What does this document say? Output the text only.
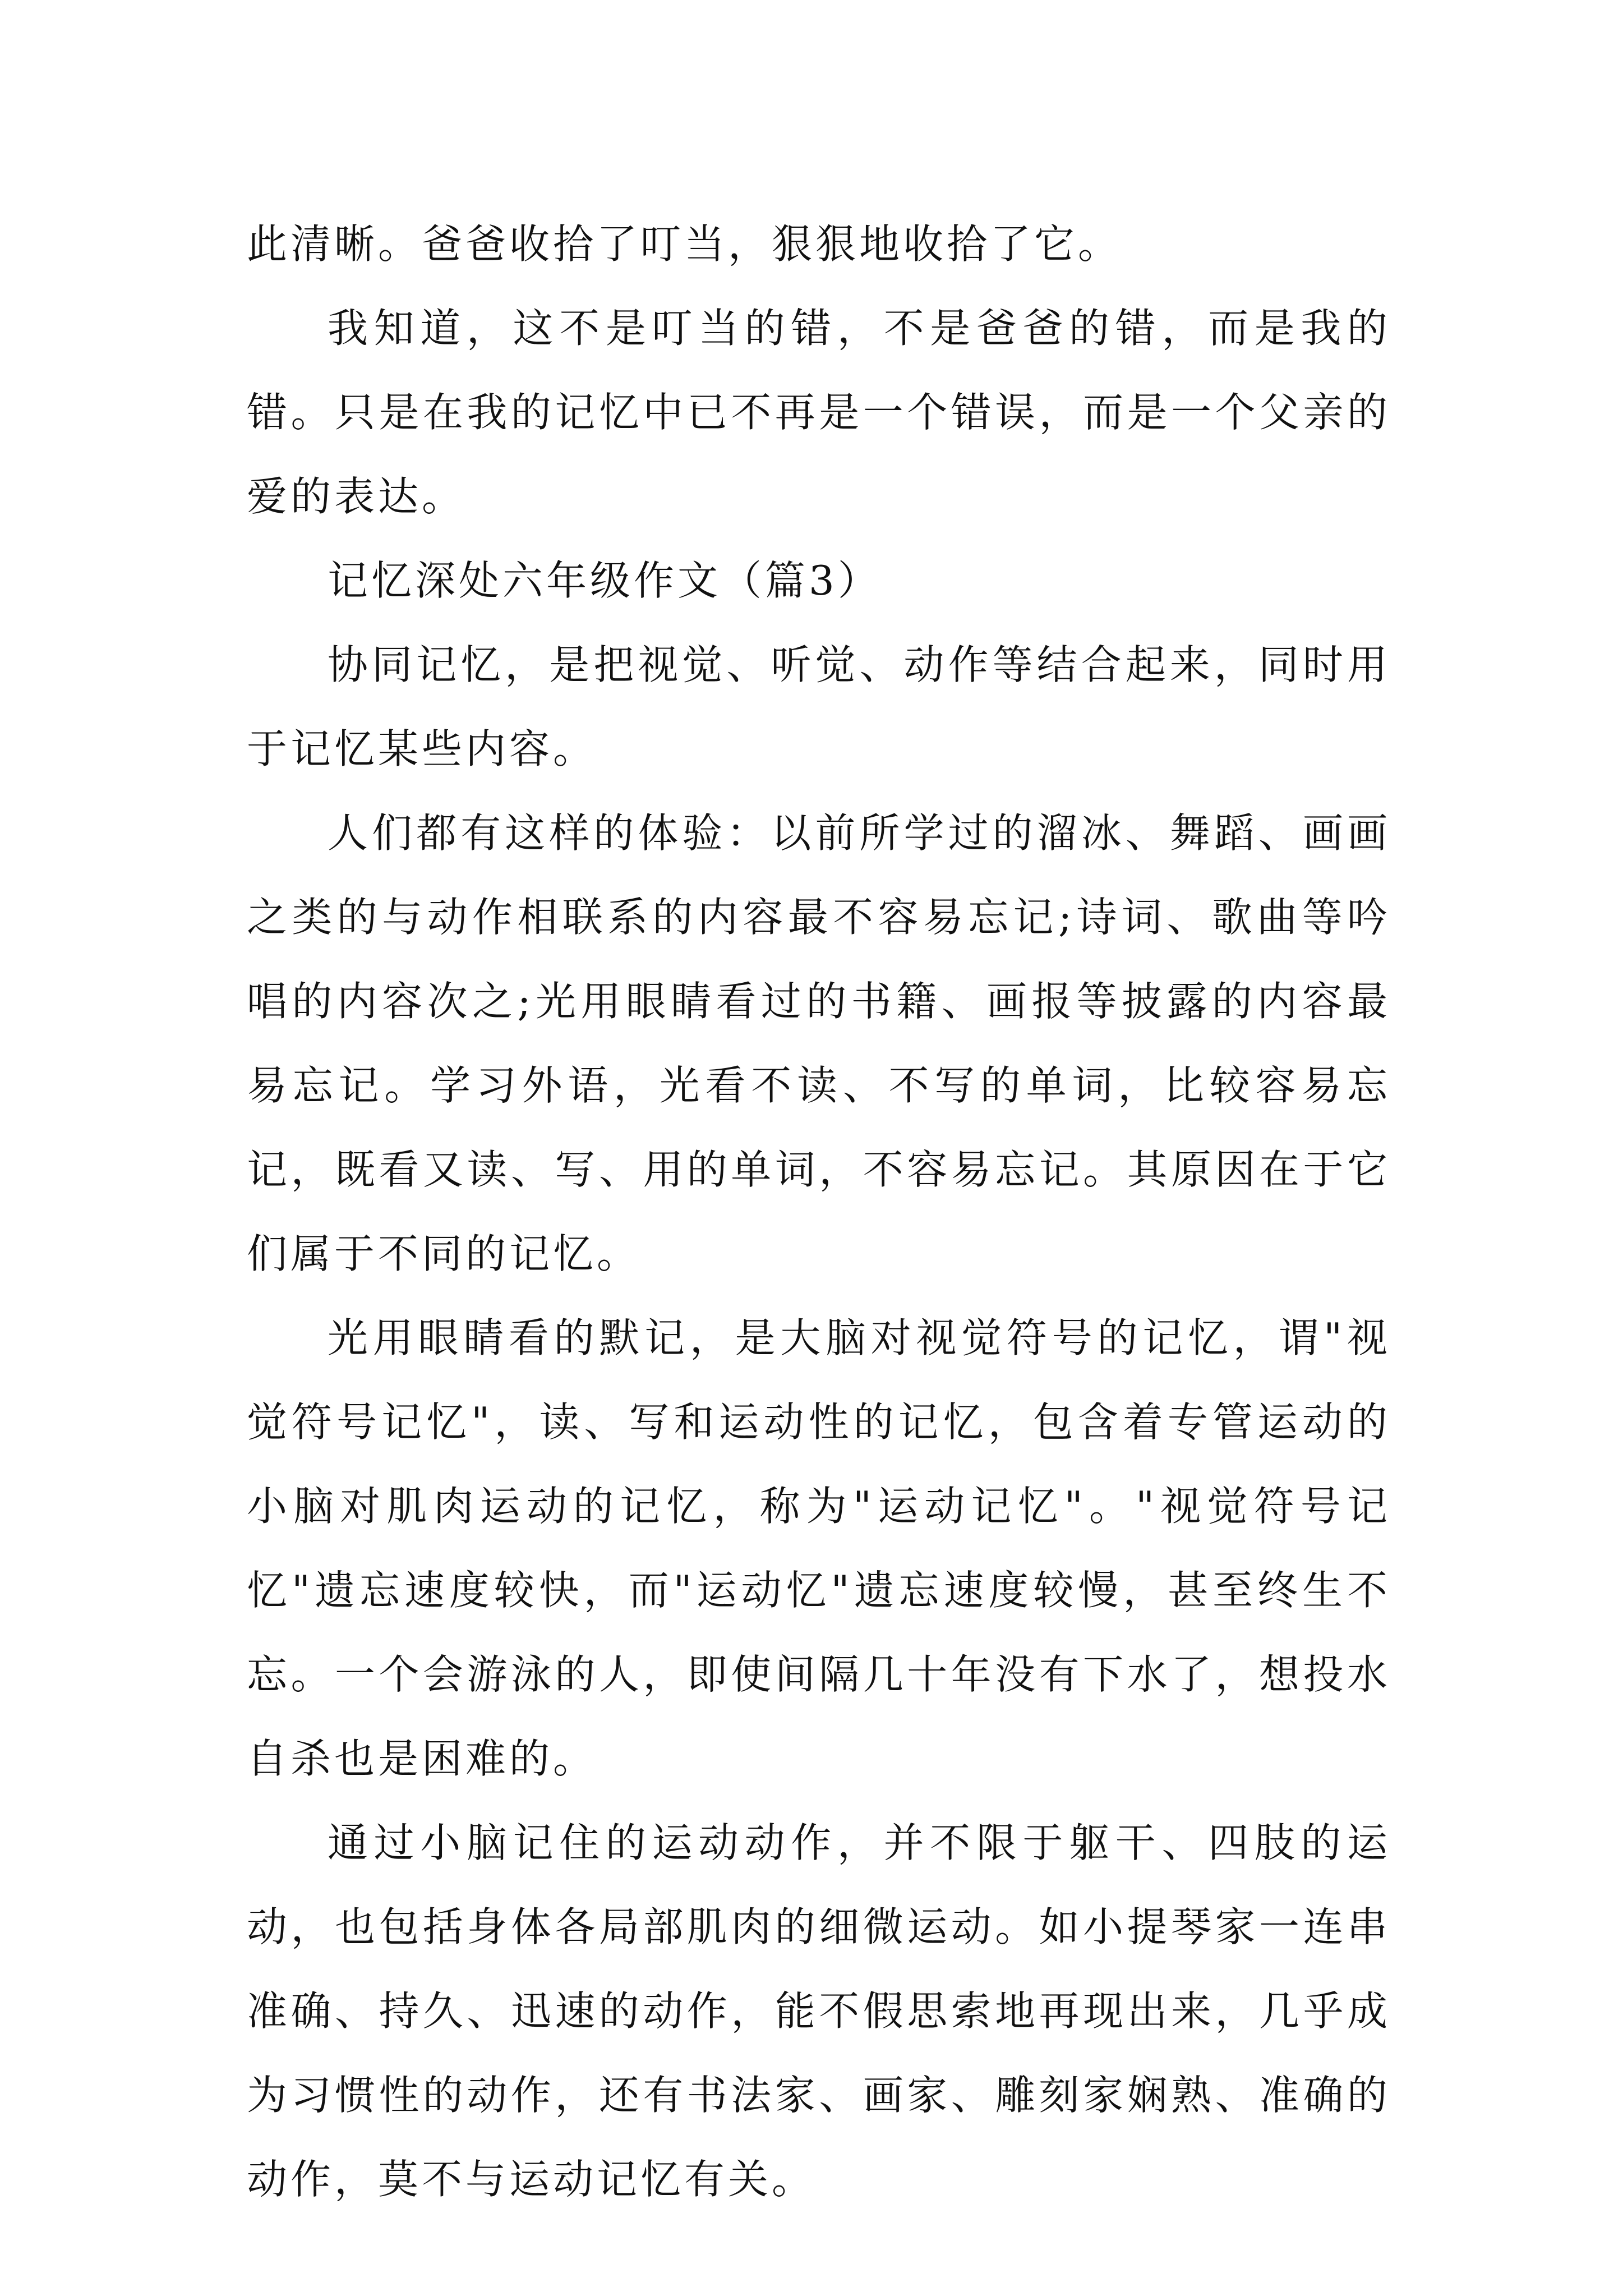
此清晰。爸爸收拾了叮当，狠狠地收拾了它。

我知道，这不是叮当的错，不是爸爸的错，而是我的错。只是在我的记忆中已不再是一个错误，而是一个父亲的爱的表达。

记忆深处六年级作文（篇3）

协同记忆，是把视觉、听觉、动作等结合起来，同时用于记忆某些内容。

人们都有这样的体验：以前所学过的溜冰、舞蹈、画画之类的与动作相联系的内容最不容易忘记;诗词、歌曲等吟唱的内容次之;光用眼睛看过的书籍、画报等披露的内容最易忘记。学习外语，光看不读、不写的单词，比较容易忘记，既看又读、写、用的单词，不容易忘记。其原因在于它们属于不同的记忆。

光用眼睛看的默记，是大脑对视觉符号的记忆，谓"视觉符号记忆"，读、写和运动性的记忆，包含着专管运动的小脑对肌肉运动的记忆，称为"运动记忆"。"视觉符号记忆"遗忘速度较快，而"运动忆"遗忘速度较慢，甚至终生不忘。一个会游泳的人，即使间隔几十年没有下水了，想投水自杀也是困难的。

通过小脑记住的运动动作，并不限于躯干、四肢的运动，也包括身体各局部肌肉的细微运动。如小提琴家一连串准确、持久、迅速的动作，能不假思索地再现出来，几乎成为习惯性的动作，还有书法家、画家、雕刻家娴熟、准确的动作，莫不与运动记忆有关。
